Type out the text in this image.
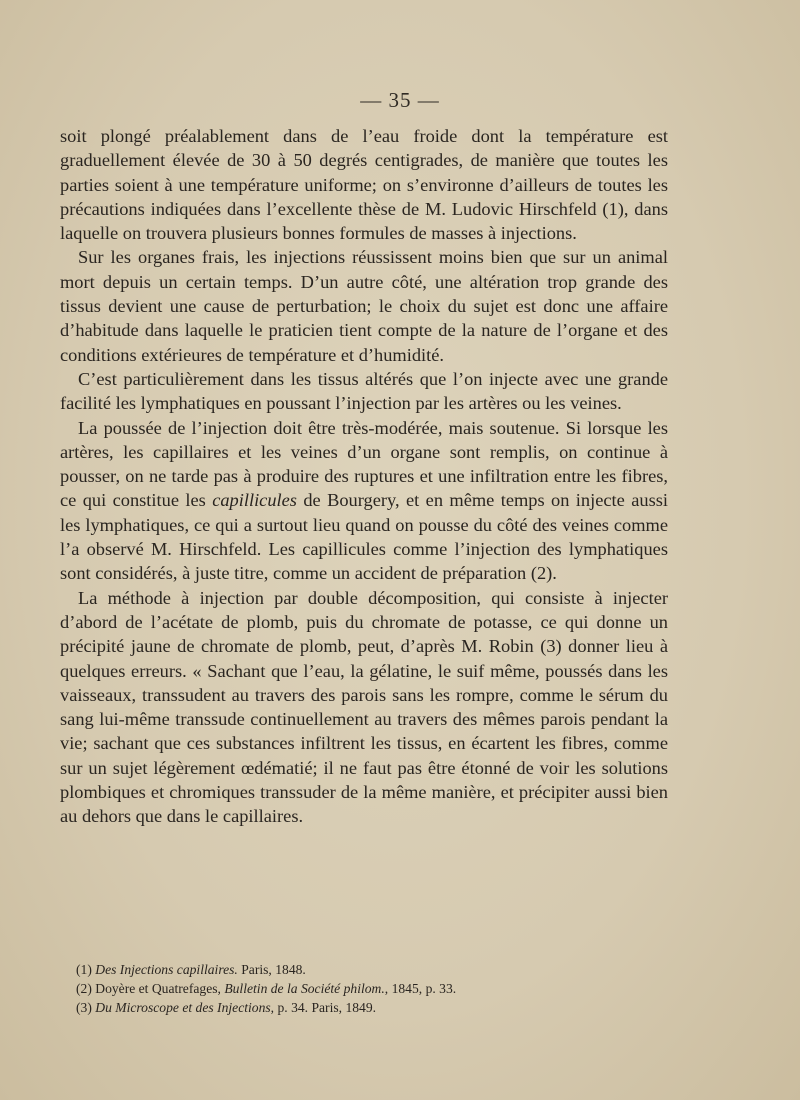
— 35 —

soit plongé préalablement dans de l’eau froide dont la température est graduellement élevée de 30 à 50 degrés centigrades, de manière que toutes les parties soient à une température uniforme; on s’environne d’ailleurs de toutes les précautions indiquées dans l’excellente thèse de M. Ludovic Hirschfeld (1), dans laquelle on trouvera plusieurs bonnes formules de masses à injections.

Sur les organes frais, les injections réussissent moins bien que sur un animal mort depuis un certain temps. D’un autre côté, une altération trop grande des tissus devient une cause de perturbation; le choix du sujet est donc une affaire d’habitude dans laquelle le praticien tient compte de la nature de l’organe et des conditions extérieures de température et d’humidité.

C’est particulièrement dans les tissus altérés que l’on injecte avec une grande facilité les lymphatiques en poussant l’injection par les artères ou les veines.

La poussée de l’injection doit être très-modérée, mais soutenue. Si lorsque les artères, les capillaires et les veines d’un organe sont remplis, on continue à pousser, on ne tarde pas à produire des ruptures et une infiltration entre les fibres, ce qui constitue les capillicules de Bourgery, et en même temps on injecte aussi les lymphatiques, ce qui a surtout lieu quand on pousse du côté des veines comme l’a observé M. Hirschfeld. Les capillicules comme l’injection des lymphatiques sont considérés, à juste titre, comme un accident de préparation (2).

La méthode à injection par double décomposition, qui consiste à injecter d’abord de l’acétate de plomb, puis du chromate de potasse, ce qui donne un précipité jaune de chromate de plomb, peut, d’après M. Robin (3) donner lieu à quelques erreurs. « Sachant que l’eau, la gélatine, le suif même, poussés dans les vaisseaux, transsudent au travers des parois sans les rompre, comme le sérum du sang lui-même transsude continuellement au travers des mêmes parois pendant la vie; sachant que ces substances infiltrent les tissus, en écartent les fibres, comme sur un sujet légèrement œdématié; il ne faut pas être étonné de voir les solutions plombiques et chromiques transsuder de la même manière, et précipiter aussi bien au dehors que dans le capillaires.

(1) Des Injections capillaires. Paris, 1848.

(2) Doyère et Quatrefages, Bulletin de la Société philom., 1845, p. 33.

(3) Du Microscope et des Injections, p. 34. Paris, 1849.
